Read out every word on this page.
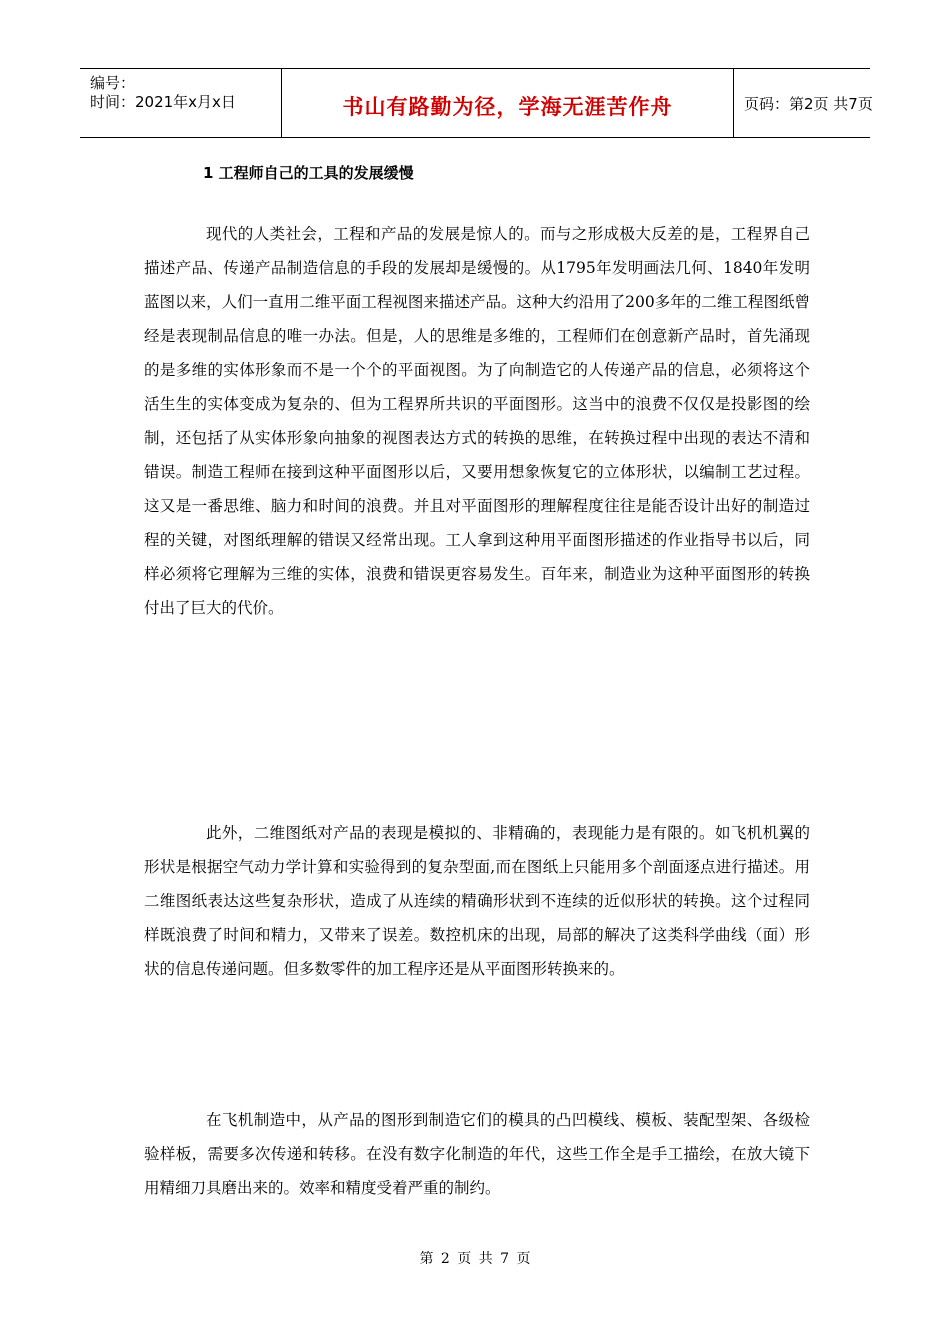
编号：
时间：2021年x月x日	书山有路勤为径，学海无涯苦作舟	页码：第2页 共7页
1 工程师自己的工具的发展缓慢

现代的人类社会，工程和产品的发展是惊人的。而与之形成极大反差的是，工程界自己描述产品、传递产品制造信息的手段的发展却是缓慢的。从1795年发明画法几何、1840年发明蓝图以来，人们一直用二维平面工程视图来描述产品。这种大约沿用了200多年的二维工程图纸曾经是表现制品信息的唯一办法。但是，人的思维是多维的，工程师们在创意新产品时，首先涌现的是多维的实体形象而不是一个个的平面视图。为了向制造它的人传递产品的信息，必须将这个活生生的实体变成为复杂的、但为工程界所共识的平面图形。这当中的浪费不仅仅是投影图的绘制，还包括了从实体形象向抽象的视图表达方式的转换的思维，在转换过程中出现的表达不清和错误。制造工程师在接到这种平面图形以后，又要用想象恢复它的立体形状，以编制工艺过程。这又是一番思维、脑力和时间的浪费。并且对平面图形的理解程度往往是能否设计出好的制造过程的关键，对图纸理解的错误又经常出现。工人拿到这种用平面图形描述的作业指导书以后，同样必须将它理解为三维的实体，浪费和错误更容易发生。百年来，制造业为这种平面图形的转换付出了巨大的代价。

此外，二维图纸对产品的表现是模拟的、非精确的，表现能力是有限的。如飞机机翼的形状是根据空气动力学计算和实验得到的复杂型面,而在图纸上只能用多个剖面逐点进行描述。用二维图纸表达这些复杂形状，造成了从连续的精确形状到不连续的近似形状的转换。这个过程同样既浪费了时间和精力，又带来了误差。数控机床的出现，局部的解决了这类科学曲线（面）形状的信息传递问题。但多数零件的加工程序还是从平面图形转换来的。

在飞机制造中，从产品的图形到制造它们的模具的凸凹模线、模板、装配型架、各级检验样板，需要多次传递和转移。在没有数字化制造的年代，这些工作全是手工描绘，在放大镜下用精细刀具磨出来的。效率和精度受着严重的制约。

第 2 页 共 7 页
